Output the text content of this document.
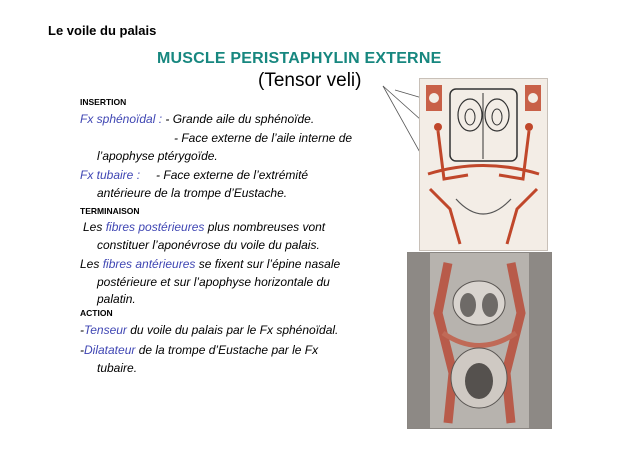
Le voile du palais
MUSCLE PERISTAPHYLIN EXTERNE
(Tensor veli)
INSERTION
Fx sphénoïdal : - Grande aile du sphénoïde.
- Face externe de l’aile interne de
l’apophyse ptérygoïde.
Fx tubaire : - Face externe de l’extrémité
antérieure de la trompe d’Eustache.
TERMINAISON
Les fibres postérieures plus nombreuses vont
constituer l’aponévrose du voile du palais.
Les fibres antérieures se fixent sur l’épine nasale
postérieure et sur l’apophyse horizontale du
palatin.
ACTION
-Tenseur du voile du palais par le Fx sphénoïdal.
-Dilatateur de la trompe d’Eustache par le Fx
tubaire.
